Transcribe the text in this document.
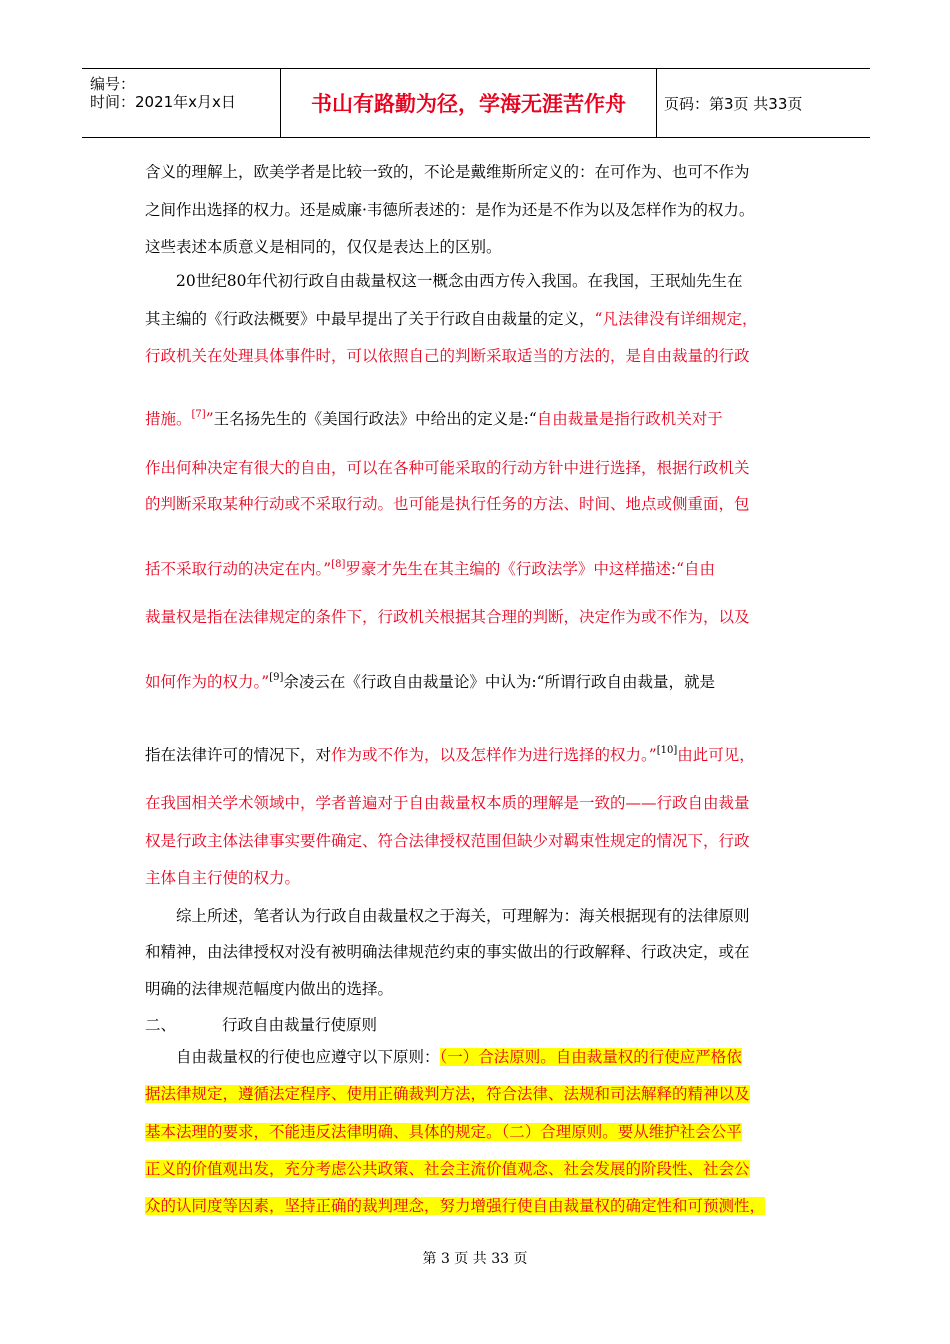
编号：
时间：2021年x月x日	书山有路勤为径，学海无涯苦作舟	页码：第3页 共33页
含义的理解上，欧美学者是比较一致的，不论是戴维斯所定义的：在可作为、也可不作为
之间作出选择的权力。还是威廉·韦德所表述的：是作为还是不作为以及怎样作为的权力。
这些表述本质意义是相同的，仅仅是表达上的区别。
20世纪80年代初行政自由裁量权这一概念由西方传入我国。在我国，王珉灿先生在
其主编的《行政法概要》中最早提出了关于行政自由裁量的定义，“凡法律没有详细规定，
行政机关在处理具体事件时，可以依照自己的判断采取适当的方法的，是自由裁量的行政
措施。[7]”王名扬先生的《美国行政法》中给出的定义是:“自由裁量是指行政机关对于
作出何种决定有很大的自由，可以在各种可能采取的行动方针中进行选择，根据行政机关
的判断采取某种行动或不采取行动。也可能是执行任务的方法、时间、地点或侧重面，包
括不采取行动的决定在内。”[8]罗豪才先生在其主编的《行政法学》中这样描述:“自由
裁量权是指在法律规定的条件下，行政机关根据其合理的判断，决定作为或不作为，以及
如何作为的权力。”[9]余凌云在《行政自由裁量论》中认为:“所谓行政自由裁量，就是
指在法律许可的情况下，对作为或不作为，以及怎样作为进行选择的权力。”[10]由此可见，
在我国相关学术领域中，学者普遍对于自由裁量权本质的理解是一致的——行政自由裁量
权是行政主体法律事实要件确定、符合法律授权范围但缺少对羁束性规定的情况下，行政
主体自主行使的权力。
综上所述，笔者认为行政自由裁量权之于海关，可理解为：海关根据现有的法律原则
和精神，由法律授权对没有被明确法律规范约束的事实做出的行政解释、行政决定，或在
明确的法律规范幅度内做出的选择。
二、	行政自由裁量行使原则
自由裁量权的行使也应遵守以下原则：（一）合法原则。自由裁量权的行使应严格依
据法律规定，遵循法定程序、使用正确裁判方法，符合法律、法规和司法解释的精神以及
基本法理的要求，不能违反法律明确、具体的规定。（二）合理原则。要从维护社会公平
正义的价值观出发，充分考虑公共政策、社会主流价值观念、社会发展的阶段性、社会公
众的认同度等因素，坚持正确的裁判理念，努力增强行使自由裁量权的确定性和可预测性，
第 3 页 共 33 页
